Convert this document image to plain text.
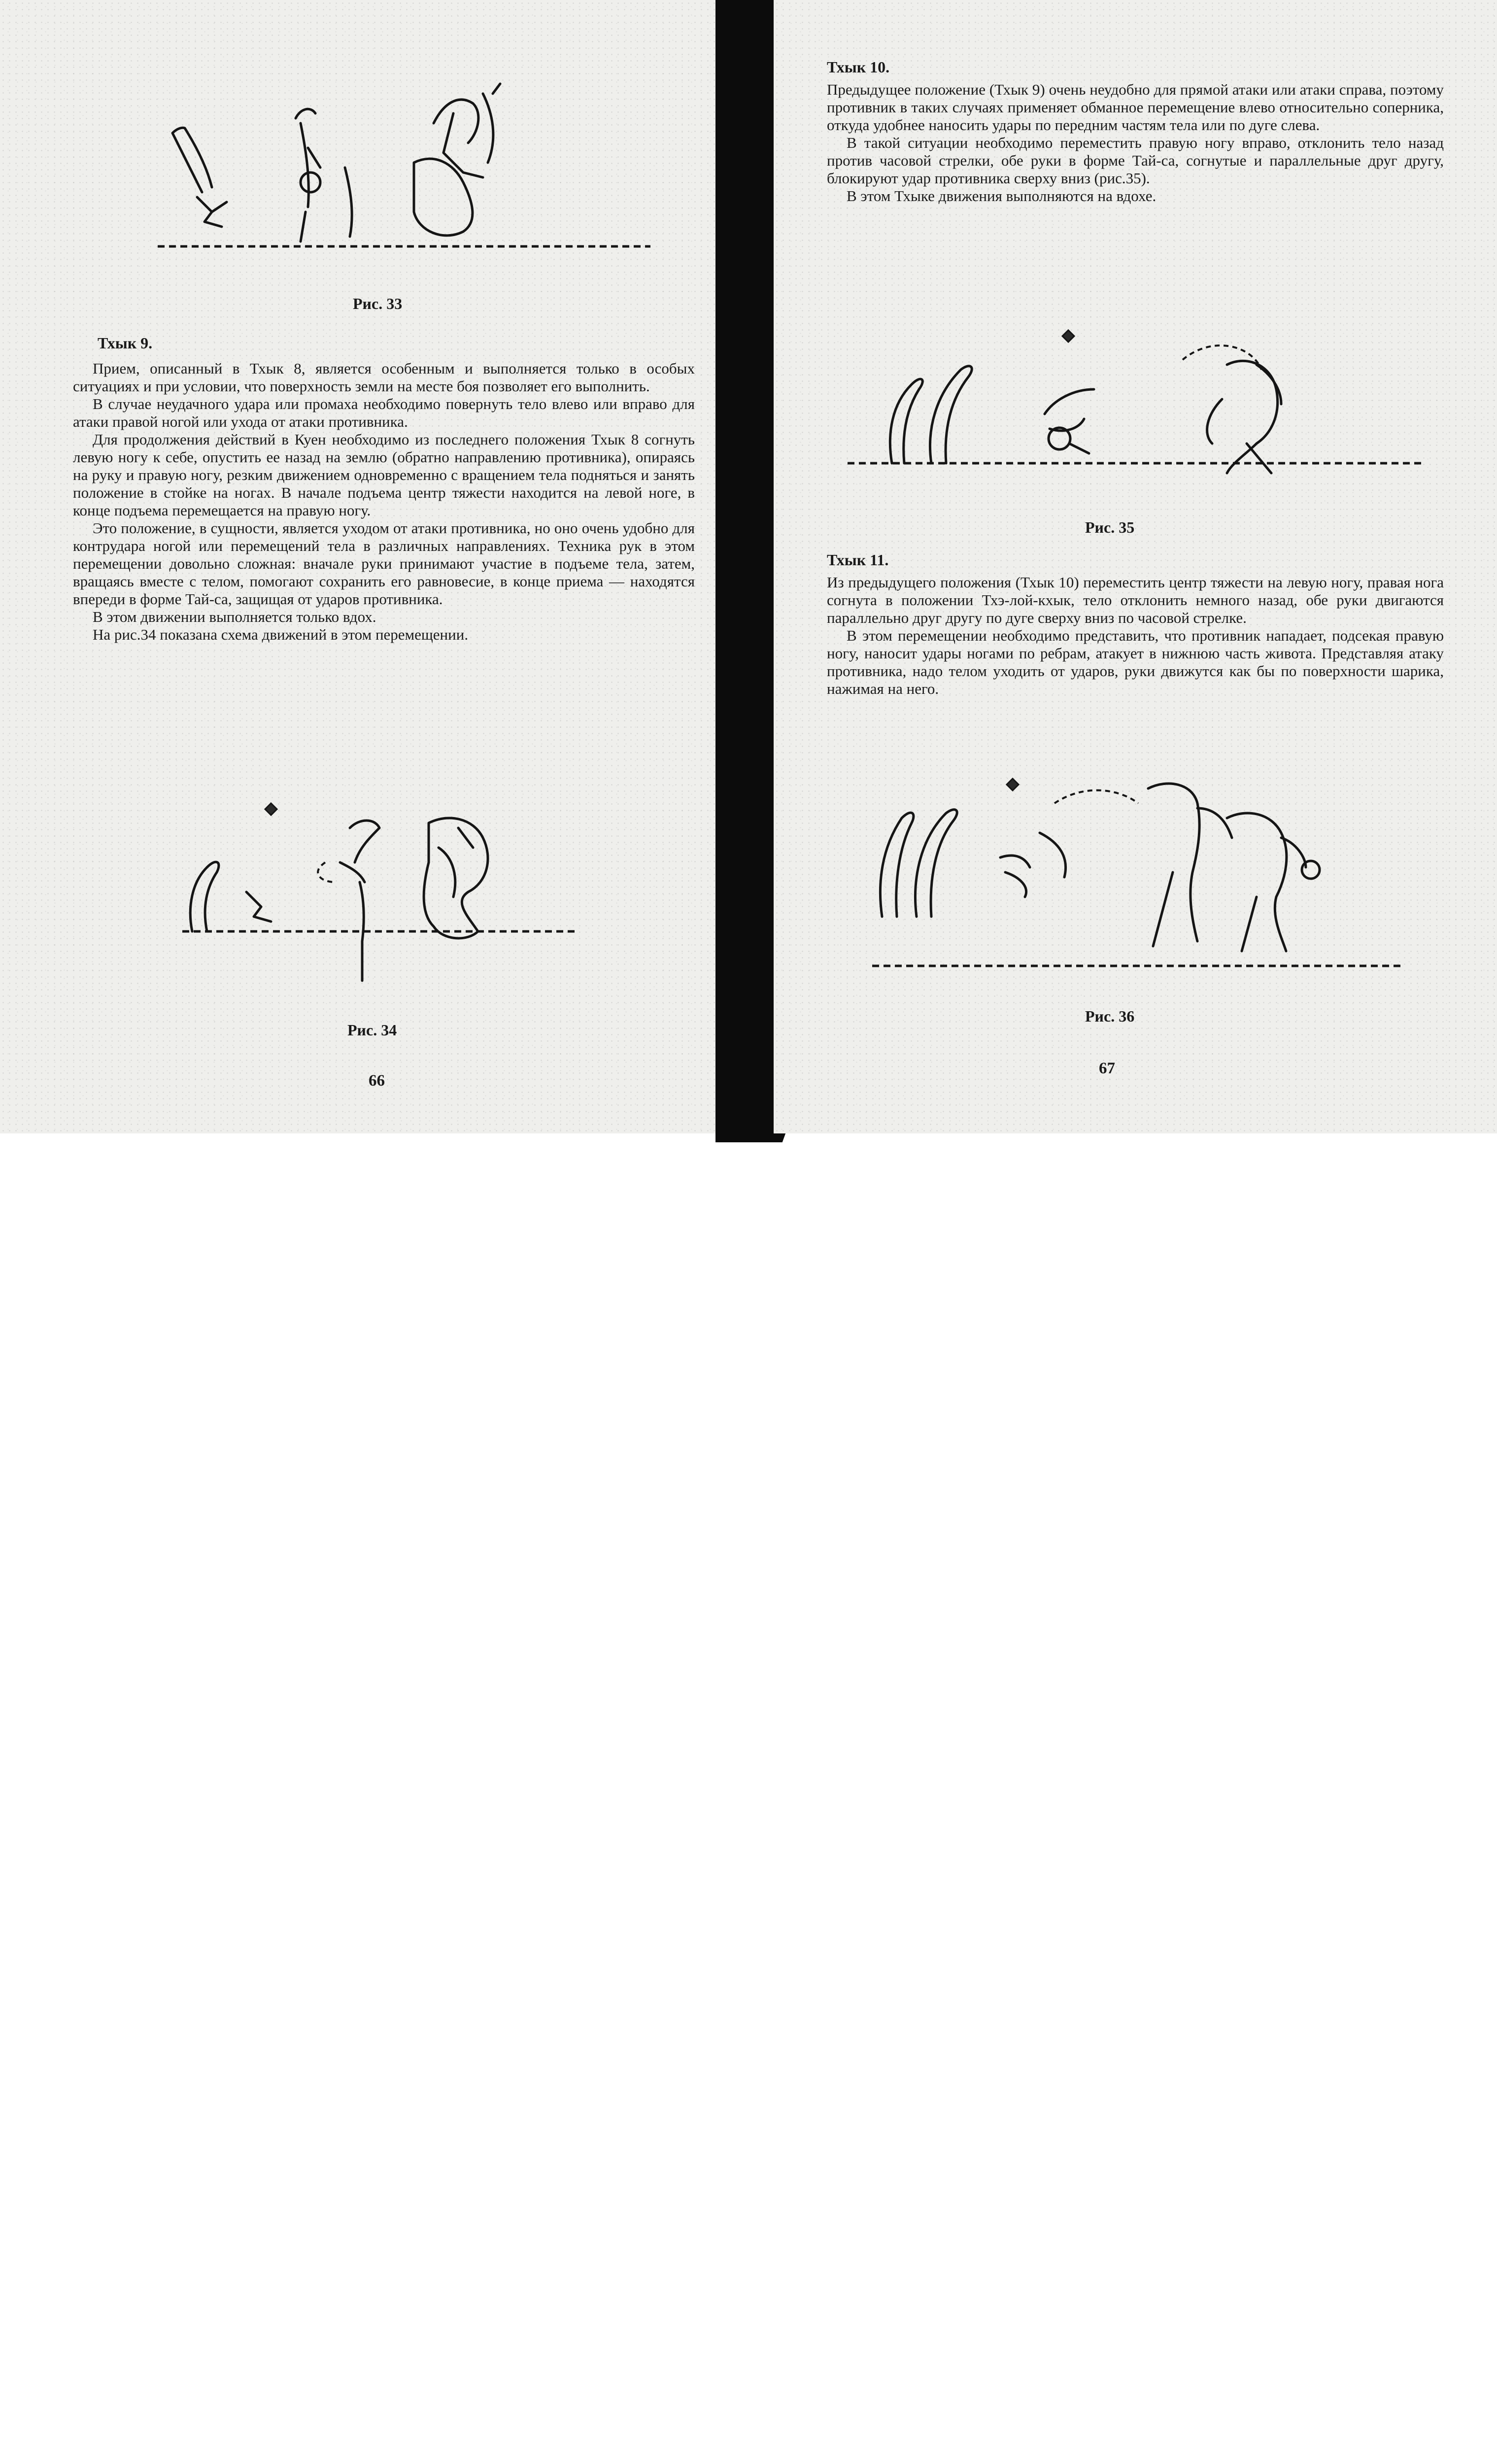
Рис. 33
Тхык 9.

Прием, описанный в Тхык 8, является особенным и выполняется только в особых ситуациях и при условии, что поверхность земли на месте боя позволяет его выполнить.

В случае неудачного удара или промаха необходимо повернуть тело влево или вправо для атаки правой ногой или ухода от атаки противника.

Для продолжения действий в Куен необходимо из последнего положения Тхык 8 согнуть левую ногу к себе, опустить ее назад на землю (обратно направлению противника), опираясь на руку и правую ногу, резким движением одновременно с вращением тела подняться и занять положение в стойке на ногах. В начале подъема центр тяжести находится на левой ноге, в конце подъема перемещается на правую ногу.

Это положение, в сущности, является уходом от атаки противника, но оно очень удобно для контрудара ногой или перемещений тела в различных направлениях. Техника рук в этом перемещении довольно сложная: вначале руки принимают участие в подъеме тела, затем, вращаясь вместе с телом, помогают сохранить его равновесие, в конце приема — находятся впереди в форме Тай-са, защищая от ударов противника.

В этом движении выполняется только вдох.

На рис.34 показана схема движений в этом перемещении.

Рис. 34
66
Тхык 10.

Предыдущее положение (Тхык 9) очень неудобно для прямой атаки или атаки справа, поэтому противник в таких случаях применяет обманное перемещение влево относительно соперника, откуда удобнее наносить удары по передним частям тела или по дуге слева.

В такой ситуации необходимо переместить правую ногу вправо, отклонить тело назад против часовой стрелки, обе руки в форме Тай-са, согнутые и параллельные друг другу, блокируют удар противника сверху вниз (рис.35).

В этом Тхыке движения выполняются на вдохе.

Рис. 35
Тхык 11.

Из предыдущего положения (Тхык 10) переместить центр тяжести на левую ногу, правая нога согнута в положении Тхэ-лой-кхык, тело отклонить немного назад, обе руки двигаются параллельно друг другу по дуге сверху вниз по часовой стрелке.

В этом перемещении необходимо представить, что противник нападает, подсекая правую ногу, наносит удары ногами по ребрам, атакует в нижнюю часть живота. Представляя атаку противника, надо телом уходить от ударов, руки движутся как бы по поверхности шарика, нажимая на него.

Рис. 36
67
